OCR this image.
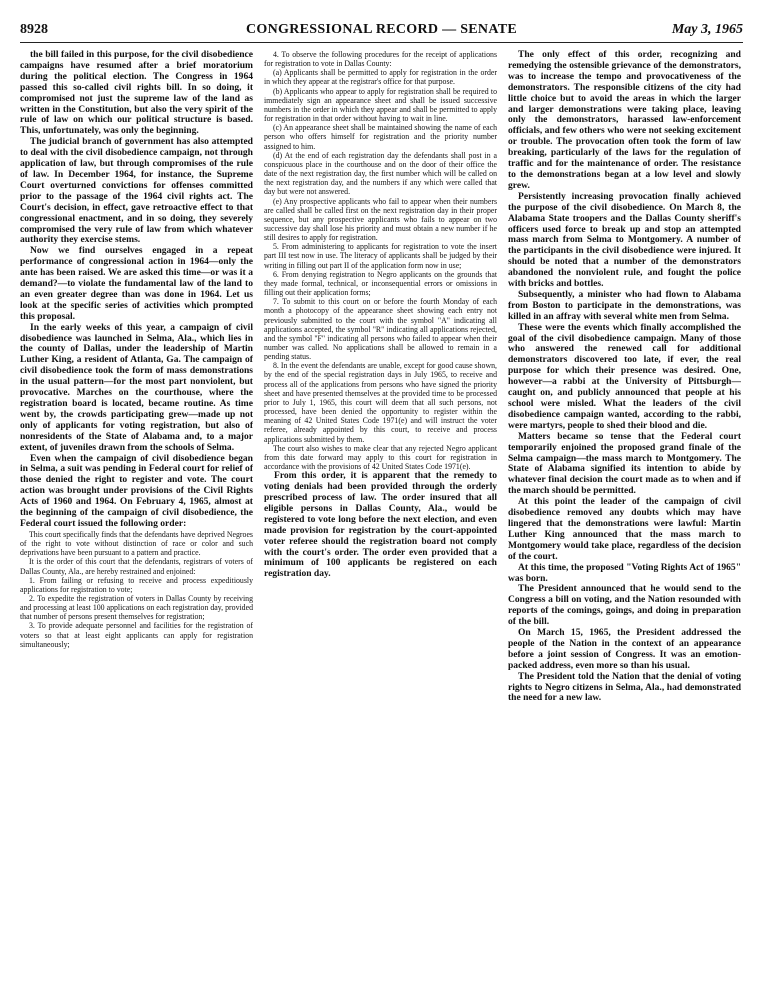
8928	CONGRESSIONAL RECORD — SENATE	May 3, 1965

the bill failed in this purpose, for the civil disobedience campaigns have resumed after a brief moratorium during the political election. The Congress in 1964 passed this so-called civil rights bill. In so doing, it compromised not just the supreme law of the land as written in the Constitution, but also the very spirit of the rule of law on which our political structure is based. This, unfortunately, was only the beginning.

The judicial branch of government has also attempted to deal with the civil disobedience campaign, not through application of law, but through compromises of the rule of law. In December 1964, for instance, the Supreme Court overturned convictions for offenses committed prior to the passage of the 1964 civil rights act. The Court's decision, in effect, gave retroactive effect to that congressional enactment, and in so doing, they severely compromised the very rule of law from which whatever authority they exercise stems.

Now we find ourselves engaged in a repeat performance of congressional action in 1964—only the ante has been raised. We are asked this time—or was it a demand?—to violate the fundamental law of the land to an even greater degree than was done in 1964. Let us look at the specific series of activities which prompted this proposal.

In the early weeks of this year, a campaign of civil disobedience was launched in Selma, Ala., which lies in the county of Dallas, under the leadership of Martin Luther King, a resident of Atlanta, Ga. The campaign of civil disobedience took the form of mass demonstrations in the usual pattern—for the most part nonviolent, but provocative. Marches on the courthouse, where the registration board is located, became routine. As time went by, the crowds participating grew—made up not only of applicants for voting registration, but also of nonresidents of the State of Alabama and, to a major extent, of juveniles drawn from the schools of Selma.

Even when the campaign of civil disobedience began in Selma, a suit was pending in Federal court for relief of those denied the right to register and vote. The court action was brought under provisions of the Civil Rights Acts of 1960 and 1964. On February 4, 1965, almost at the beginning of the campaign of civil disobedience, the Federal court issued the following order:

This court specifically finds that the defendants have deprived Negroes of the right to vote without distinction of race or color and such deprivations have been pursuant to a pattern and practice.

It is the order of this court that the defendants, registrars of voters of Dallas County, Ala., are hereby restrained and enjoined:

1. From failing or refusing to receive and process expeditiously applications for registration to vote;

2. To expedite the registration of voters in Dallas County by receiving and processing at least 100 applications on each registration day, provided that number of persons present themselves for registration;

3. To provide adequate personnel and facilities for the registration of voters so that at least eight applicants can apply for registration simultaneously;

4. To observe the following procedures for the receipt of applications for registration to vote in Dallas County:

(a) Applicants shall be permitted to apply for registration in the order in which they appear at the registrar's office for that purpose.

(b) Applicants who appear to apply for registration shall be required to immediately sign an appearance sheet and shall be issued successive numbers in the order in which they appear and shall be permitted to apply for registration in that order without having to wait in line.

(c) An appearance sheet shall be maintained showing the name of each person who offers himself for registration and the priority number assigned to him.

(d) At the end of each registration day the defendants shall post in a conspicuous place in the courthouse and on the door of their office the date of the next registration day, the first number which will be called on the next registration day, and the numbers if any which were called that day but were not answered.

(e) Any prospective applicants who fail to appear when their numbers are called shall be called first on the next registration day in their proper sequence, but any prospective applicants who fails to appear on two successive day shall lose his priority and must obtain a new number if he still desires to apply for registration.

5. From administering to applicants for registration to vote the insert part III test now in use. The literacy of applicants shall be judged by their writing in filling out part II of the application form now in use;

6. From denying registration to Negro applicants on the grounds that they made formal, technical, or inconsequential errors or omissions in filling out their application forms;

7. To submit to this court on or before the fourth Monday of each month a photocopy of the appearance sheet showing each entry not previously submitted to the court with the symbol "A" indicating all applications accepted, the symbol "R" indicating all applications rejected, and the symbol "F" indicating all persons who failed to appear when their number was called. No applications shall be allowed to remain in a pending status.

8. In the event the defendants are unable, except for good cause shown, by the end of the special registration days in July 1965, to receive and process all of the applications from persons who have signed the priority sheet and have presented themselves at the provided time to be processed prior to July 1, 1965, this court will deem that all such persons, not processed, have been denied the opportunity to register within the meaning of 42 United States Code 1971(e) and will instruct the voter referee, already appointed by this court, to receive and process applications submitted by them.

The court also wishes to make clear that any rejected Negro applicant from this date forward may apply to this court for registration in accordance with the provisions of 42 United States Code 1971(e).

From this order, it is apparent that the remedy to voting denials had been provided through the orderly prescribed process of law. The order insured that all eligible persons in Dallas County, Ala., would be registered to vote long before the next election, and even made provision for registration by the court-appointed voter referee should the registration board not comply with the court's order. The order even provided that a minimum of 100 applicants be registered on each registration day.

The only effect of this order, recognizing and remedying the ostensible grievance of the demonstrators, was to increase the tempo and provocativeness of the demonstrators. The responsible citizens of the city had little choice but to avoid the areas in which the larger and larger demonstrations were taking place, leaving only the demonstrators, harassed law-enforcement officials, and few others who were not seeking excitement or trouble. The provocation often took the form of law breaking, particularly of the laws for the regulation of traffic and for the maintenance of order. The resistance to the demonstrations began at a low level and slowly grew.

Persistently increasing provocation finally achieved the purpose of the civil disobedience. On March 8, the Alabama State troopers and the Dallas County sheriff's officers used force to break up and stop an attempted mass march from Selma to Montgomery. A number of the participants in the civil disobedience were injured. It should be noted that a number of the demonstrators abandoned the nonviolent rule, and fought the police with bricks and bottles.

Subsequently, a minister who had flown to Alabama from Boston to participate in the demonstrations, was killed in an affray with several white men from Selma.

These were the events which finally accomplished the goal of the civil disobedience campaign. Many of those who answered the renewed call for additional demonstrators discovered too late, if ever, the real purpose for which their presence was desired. One, however—a rabbi at the University of Pittsburgh—caught on, and publicly announced that people at his school were misled. What the leaders of the civil disobedience campaign wanted, according to the rabbi, were martyrs, people to shed their blood and die.

Matters became so tense that the Federal court temporarily enjoined the proposed grand finale of the Selma campaign—the mass march to Montgomery. The State of Alabama signified its intention to abide by whatever final decision the court made as to when and if the march should be permitted.

At this point the leader of the campaign of civil disobedience removed any doubts which may have lingered that the demonstrations were lawful: Martin Luther King announced that the mass march to Montgomery would take place, regardless of the decision of the court.

At this time, the proposed "Voting Rights Act of 1965" was born.

The President announced that he would send to the Congress a bill on voting, and the Nation resounded with reports of the comings, goings, and doing in preparation of the bill.

On March 15, 1965, the President addressed the people of the Nation in the context of an appearance before a joint session of Congress. It was an emotion-packed address, even more so than his usual.

The President told the Nation that the denial of voting rights to Negro citizens in Selma, Ala., had demonstrated the need for a new law.
